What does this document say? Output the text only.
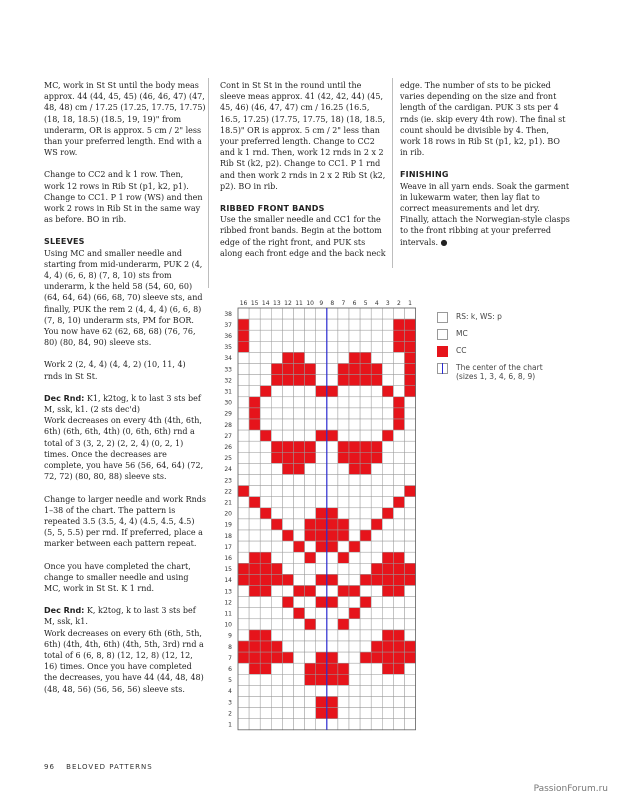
MC, work in St St until the body meas approx. 44 (44, 45, 45) (46, 46, 47) (47, 48, 48) cm / 17.25 (17.25, 17.75, 17.75) (18, 18, 18.5) (18.5, 19, 19)" from underarm, OR is approx. 5 cm / 2" less than your preferred length. End with a WS row.

Change to CC2 and k 1 row. Then, work 12 rows in Rib St (p1, k2, p1). Change to CC1. P 1 row (WS) and then work 2 rows in Rib St in the same way as before. BO in rib.

SLEEVES

Using MC and smaller needle and starting from mid-underarm, PUK 2 (4, 4, 4) (6, 6, 8) (7, 8, 10) sts from underarm, k the held 58 (54, 60, 60) (64, 64, 64) (66, 68, 70) sleeve sts, and finally, PUK the rem 2 (4, 4, 4) (6, 6, 8) (7, 8, 10) underarm sts, PM for BOR. You now have 62 (62, 68, 68) (76, 76, 80) (80, 84, 90) sleeve sts.

Work 2 (2, 4, 4) (4, 4, 2) (10, 11, 4) rnds in St St.

Dec Rnd: K1, k2tog, k to last 3 sts bef M, ssk, k1. (2 sts dec'd)

Work decreases on every 4th (4th, 6th, 6th) (6th, 6th, 4th) (0, 6th, 6th) rnd a total of 3 (3, 2, 2) (2, 2, 4) (0, 2, 1) times. Once the decreases are complete, you have 56 (56, 64, 64) (72, 72, 72) (80, 80, 88) sleeve sts.

Change to larger needle and work Rnds 1–38 of the chart. The pattern is repeated 3.5 (3.5, 4, 4) (4.5, 4.5, 4.5) (5, 5, 5.5) per rnd. If preferred, place a marker between each pattern repeat.

Once you have completed the chart, change to smaller needle and using MC, work in St St. K 1 rnd.

Dec Rnd: K, k2tog, k to last 3 sts bef M, ssk, k1.

Work decreases on every 6th (6th, 5th, 6th) (4th, 4th, 6th) (4th, 5th, 3rd) rnd a total of 6 (6, 8, 8) (12, 12, 8) (12, 12, 16) times. Once you have completed the decreases, you have 44 (44, 48, 48) (48, 48, 56) (56, 56, 56) sleeve sts.

Cont in St St in the round until the sleeve meas approx. 41 (42, 42, 44) (45, 45, 46) (46, 47, 47) cm / 16.25 (16.5, 16.5, 17.25) (17.75, 17.75, 18) (18, 18.5, 18.5)" OR is approx. 5 cm / 2" less than your preferred length. Change to CC2 and k 1 rnd. Then, work 12 rnds in 2 x 2 Rib St (k2, p2). Change to CC1. P 1 rnd and then work 2 rnds in 2 x 2 Rib St (k2, p2). BO in rib.

RIBBED FRONT BANDS

Use the smaller needle and CC1 for the ribbed front bands. Begin at the bottom edge of the right front, and PUK sts along each front edge and the back neck

edge. The number of sts to be picked varies depending on the size and front length of the cardigan. PUK 3 sts per 4 rnds (ie. skip every 4th row). The final st count should be divisible by 4. Then, work 18 rows in Rib St (p1, k2, p1). BO in rib.

FINISHING

Weave in all yarn ends. Soak the garment in lukewarm water, then lay flat to correct measurements and let dry. Finally, attach the Norwegian-style clasps to the front ribbing at your preferred intervals. ●

16 15 14 13 12 11 10 9 8 7 6 5 4 3 2 1
38
37
36
35
34
33
32
31
30
29
28
27
26
25
24
23
22
21
20
19
18
17
16
15
14
13
12
11
10
9
8
7
6
5
4
3
2
1
RS: k, WS: p
MC
CC
The center of the chart (sizes 1, 3, 4, 6, 8, 9)
96 BELOVED PATTERNS
PassionForum.ru
